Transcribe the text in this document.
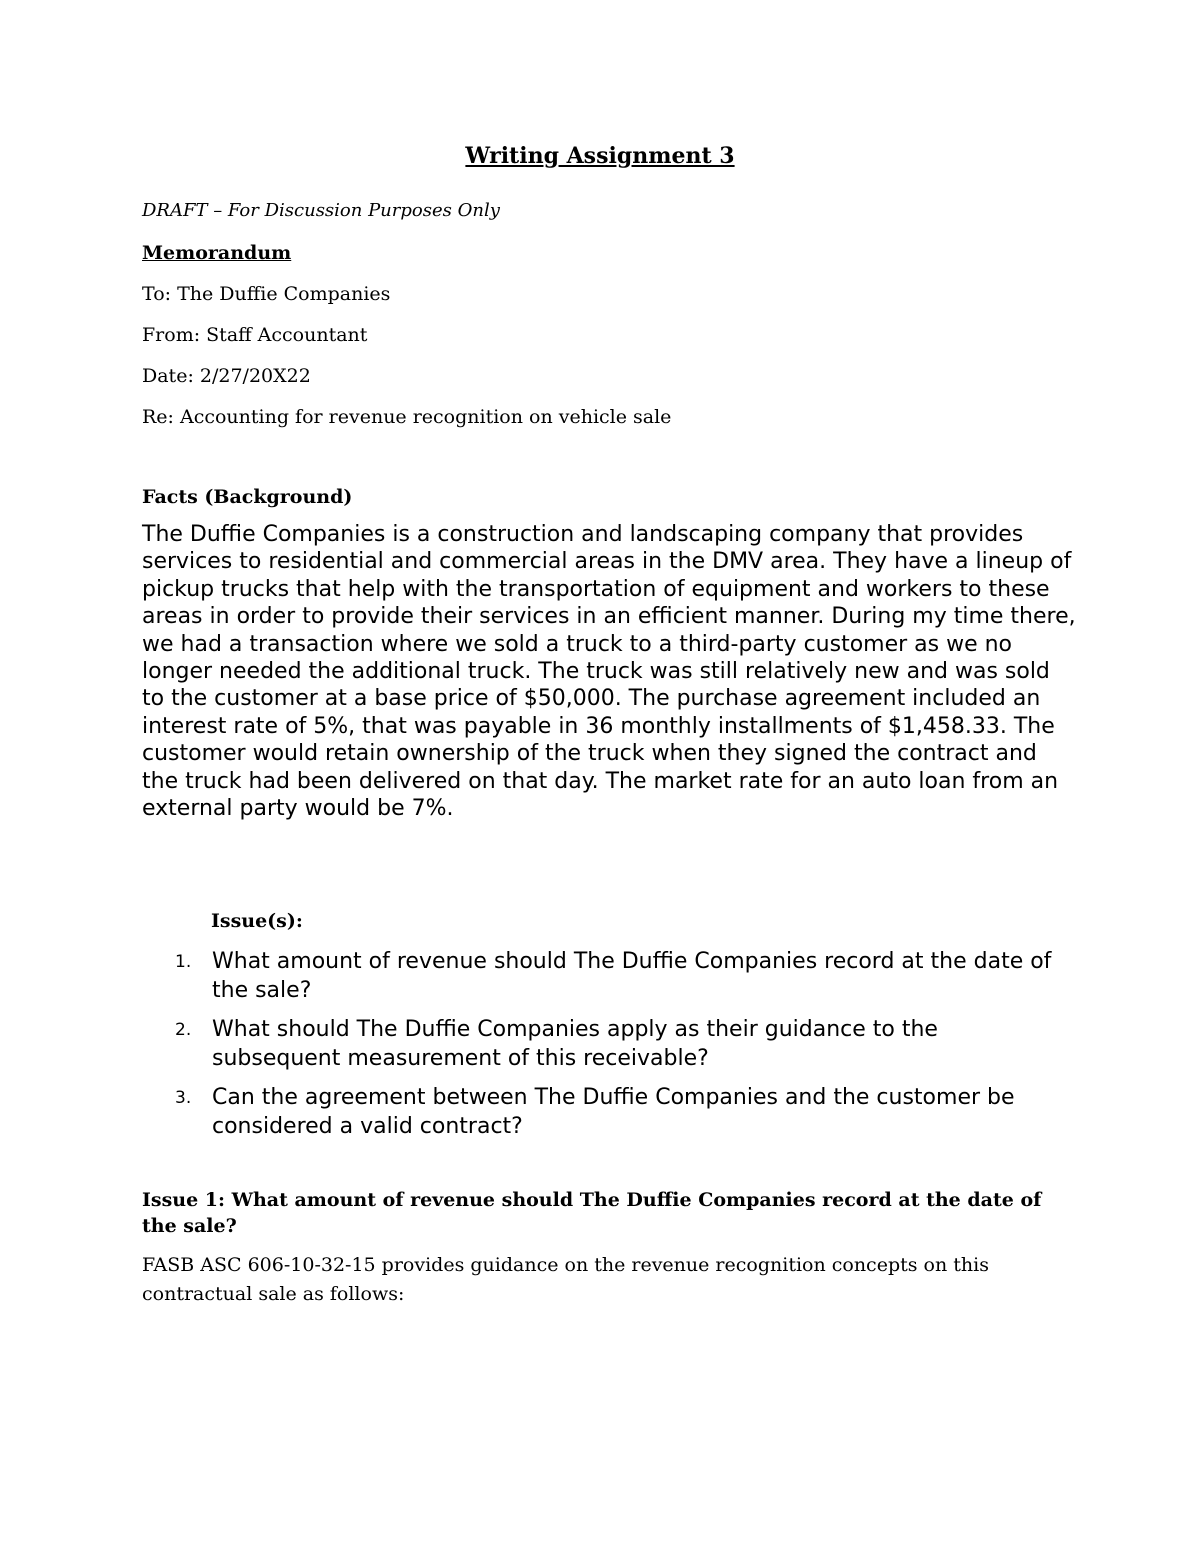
Writing Assignment 3
DRAFT – For Discussion Purposes Only
Memorandum
To: The Duffie Companies
From: Staff Accountant
Date: 2/27/20X22
Re: Accounting for revenue recognition on vehicle sale
Facts (Background)

The Duffie Companies is a construction and landscaping company that provides services to residential and commercial areas in the DMV area. They have a lineup of pickup trucks that help with the transportation of equipment and workers to these areas in order to provide their services in an efficient manner. During my time there, we had a transaction where we sold a truck to a third-party customer as we no longer needed the additional truck. The truck was still relatively new and was sold to the customer at a base price of $50,000. The purchase agreement included an interest rate of 5%, that was payable in 36 monthly installments of $1,458.33. The customer would retain ownership of the truck when they signed the contract and the truck had been delivered on that day. The market rate for an auto loan from an external party would be 7%.

Issue(s):
1. What amount of revenue should The Duffie Companies record at the date of the sale?
2. What should The Duffie Companies apply as their guidance to the subsequent measurement of this receivable?
3. Can the agreement between The Duffie Companies and the customer be considered a valid contract?
Issue 1: What amount of revenue should The Duffie Companies record at the date of the sale?
FASB ASC 606-10-32-15 provides guidance on the revenue recognition concepts on this contractual sale as follows:
